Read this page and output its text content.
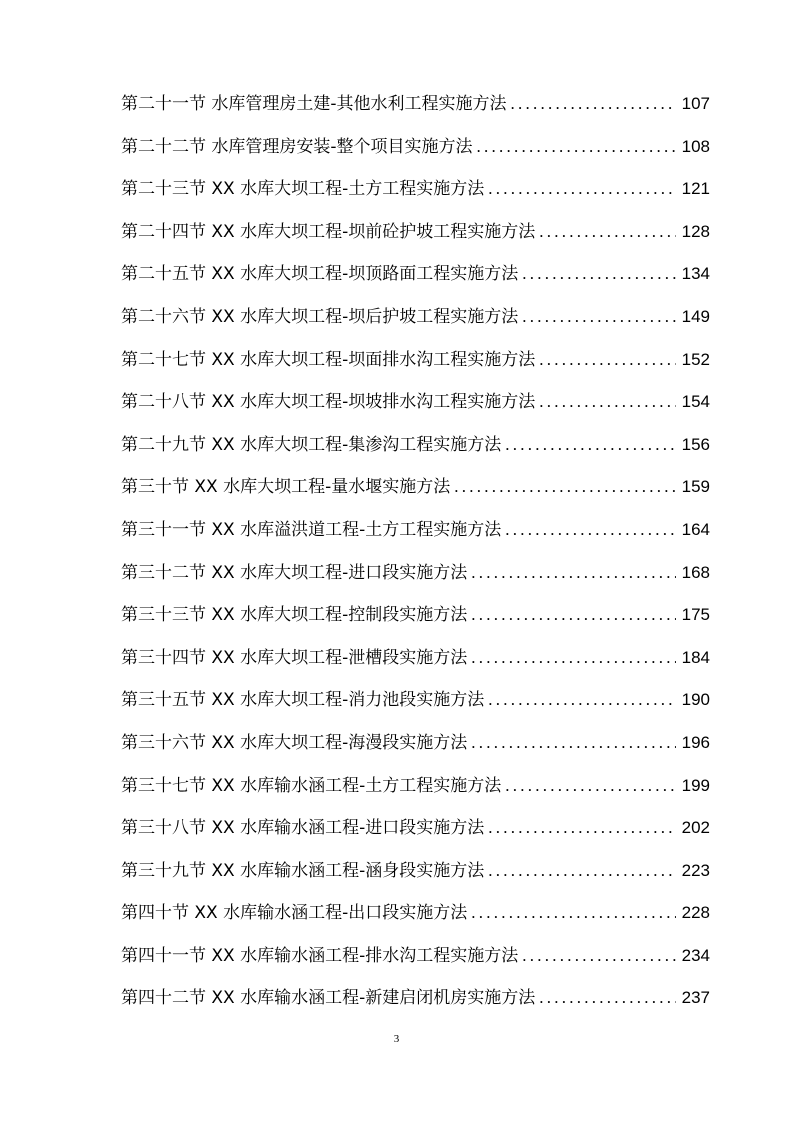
第二十一节 水库管理房土建-其他水利工程实施方法 . . .	107
第二十二节 水库管理房安装-整个项目实施方法 . . .	108
第二十三节 XX 水库大坝工程-土方工程实施方法 . . .	121
第二十四节 XX 水库大坝工程-坝前砼护坡工程实施方法 . . .	128
第二十五节 XX 水库大坝工程-坝顶路面工程实施方法 . . .	134
第二十六节 XX 水库大坝工程-坝后护坡工程实施方法 . . .	149
第二十七节 XX 水库大坝工程-坝面排水沟工程实施方法 . . .	152
第二十八节 XX 水库大坝工程-坝坡排水沟工程实施方法 . . .	154
第二十九节 XX 水库大坝工程-集渗沟工程实施方法 . . .	156
第三十节 XX 水库大坝工程-量水堰实施方法 . . .	159
第三十一节 XX 水库溢洪道工程-土方工程实施方法 . . .	164
第三十二节 XX 水库大坝工程-进口段实施方法 . . .	168
第三十三节 XX 水库大坝工程-控制段实施方法 . . .	175
第三十四节 XX 水库大坝工程-泄槽段实施方法 . . .	184
第三十五节 XX 水库大坝工程-消力池段实施方法 . . .	190
第三十六节 XX 水库大坝工程-海漫段实施方法 . . .	196
第三十七节 XX 水库输水涵工程-土方工程实施方法 . . .	199
第三十八节 XX 水库输水涵工程-进口段实施方法 . . .	202
第三十九节 XX 水库输水涵工程-涵身段实施方法 . . .	223
第四十节 XX 水库输水涵工程-出口段实施方法 . . .	228
第四十一节 XX 水库输水涵工程-排水沟工程实施方法 . . .	234
第四十二节 XX 水库输水涵工程-新建启闭机房实施方法 . . .	237
3
